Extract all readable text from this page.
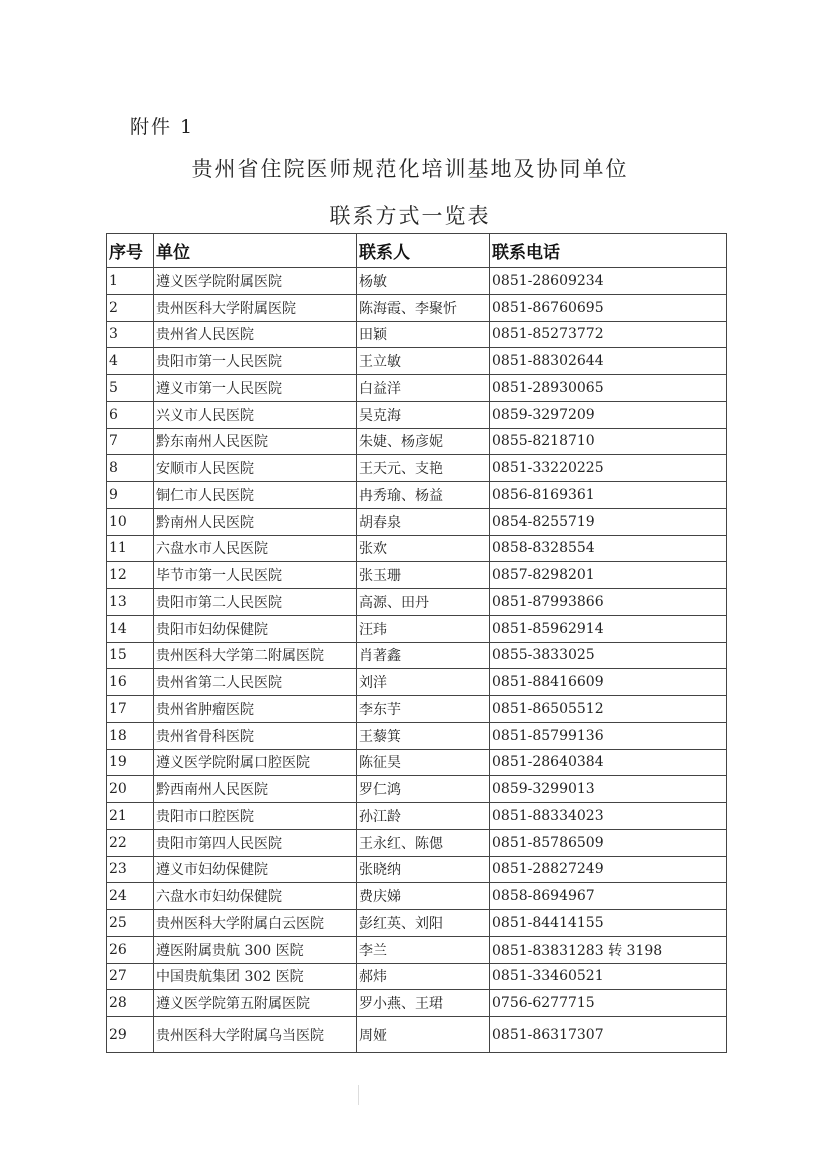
附件 1
贵州省住院医师规范化培训基地及协同单位
联系方式一览表
序号	单位	联系人	联系电话
1	遵义医学院附属医院	杨敏	0851-28609234
2	贵州医科大学附属医院	陈海霞、李聚忻	0851-86760695
3	贵州省人民医院	田颖	0851-85273772
4	贵阳市第一人民医院	王立敏	0851-88302644
5	遵义市第一人民医院	白益洋	0851-28930065
6	兴义市人民医院	吴克海	0859-3297209
7	黔东南州人民医院	朱婕、杨彦妮	0855-8218710
8	安顺市人民医院	王天元、支艳	0851-33220225
9	铜仁市人民医院	冉秀瑜、杨益	0856-8169361
10	黔南州人民医院	胡春泉	0854-8255719
11	六盘水市人民医院	张欢	0858-8328554
12	毕节市第一人民医院	张玉珊	0857-8298201
13	贵阳市第二人民医院	高源、田丹	0851-87993866
14	贵阳市妇幼保健院	汪玮	0851-85962914
15	贵州医科大学第二附属医院	肖著鑫	0855-3833025
16	贵州省第二人民医院	刘洋	0851-88416609
17	贵州省肿瘤医院	李东芋	0851-86505512
18	贵州省骨科医院	王藜箕	0851-85799136
19	遵义医学院附属口腔医院	陈征昊	0851-28640384
20	黔西南州人民医院	罗仁鸿	0859-3299013
21	贵阳市口腔医院	孙江龄	0851-88334023
22	贵阳市第四人民医院	王永红、陈偲	0851-85786509
23	遵义市妇幼保健院	张晓纳	0851-28827249
24	六盘水市妇幼保健院	费庆娣	0858-8694967
25	贵州医科大学附属白云医院	彭红英、刘阳	0851-84414155
26	遵医附属贵航 300 医院	李兰	0851-83831283 转 3198
27	中国贵航集团 302 医院	郝炜	0851-33460521
28	遵义医学院第五附属医院	罗小燕、王珺	0756-6277715
29	贵州医科大学附属乌当医院	周娅	0851-86317307
